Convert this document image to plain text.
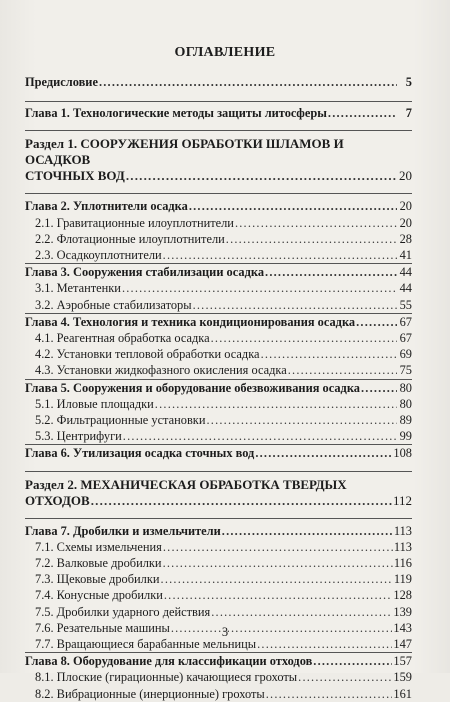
ОГЛАВЛЕНИЕ
Предисловие .....	5
Глава 1. Технологические методы защиты литосферы .....	7
Раздел 1. СООРУЖЕНИЯ ОБРАБОТКИ ШЛАМОВ И ОСАДКОВ
СТОЧНЫХ ВОД .....	20
Глава 2. Уплотнители осадка .....	20
2.1. Гравитационные илоуплотнители .....	20
2.2. Флотационные илоуплотнители .....	28
2.3. Осадкоуплотнители .....	41
Глава 3. Сооружения стабилизации осадка .....	44
3.1. Метантенки .....	44
3.2. Аэробные стабилизаторы .....	55
Глава 4. Технология и техника кондиционирования осадка .....	67
4.1. Реагентная обработка осадка .....	67
4.2. Установки тепловой обработки осадка .....	69
4.3. Установки жидкофазного окисления осадка .....	75
Глава 5. Сооружения и оборудование обезвоживания осадка .....	80
5.1. Иловые площадки .....	80
5.2. Фильтрационные установки .....	89
5.3. Центрифуги .....	99
Глава 6. Утилизация осадка сточных вод .....	108
Раздел 2. МЕХАНИЧЕСКАЯ ОБРАБОТКА ТВЕРДЫХ
ОТХОДОВ .....	112
Глава 7. Дробилки и измельчители .....	113
7.1. Схемы измельчения .....	113
7.2. Валковые дробилки .....	116
7.3. Щековые дробилки .....	119
7.4. Конусные дробилки .....	128
7.5. Дробилки ударного действия .....	139
7.6. Резательные машины .....	143
7.7. Вращающиеся барабанные мельницы .....	147
Глава 8. Оборудование для классификации отходов .....	157
8.1. Плоские (гирационные) качающиеся грохоты .....	159
8.2. Вибрационные (инерционные) грохоты .....	161
3
